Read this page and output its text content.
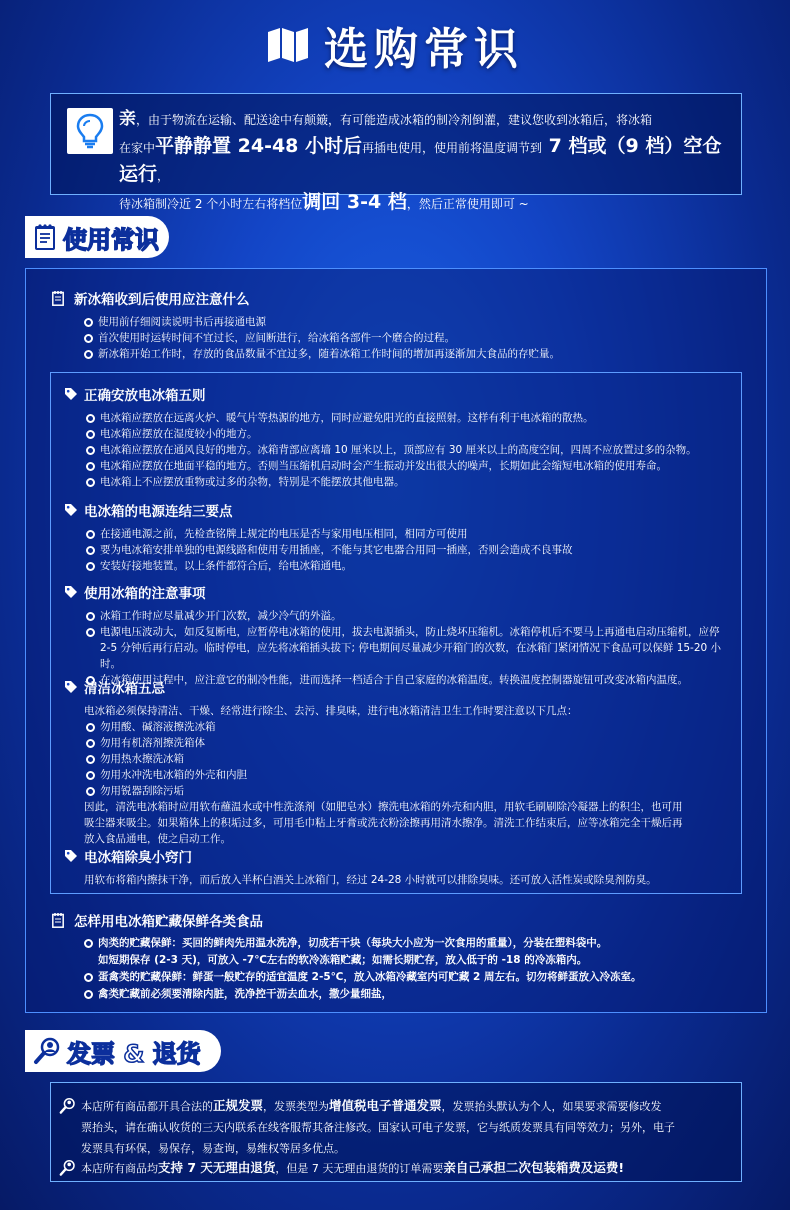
选购常识
亲，由于物流在运输、配送途中有颠簸，有可能造成冰箱的制冷剂倒灌，建议您收到冰箱后，将冰箱
在家中平静静置 24-48 小时后再插电使用，使用前将温度调节到 7 档或（9 档）空仓运行，
待冰箱制冷近 2 个小时左右将档位调回 3-4 档，然后正常使用即可 ~
使用常识
新冰箱收到后使用应注意什么
使用前仔细阅读说明书后再接通电源
首次使用时运转时间不宜过长，应间断进行，给冰箱各部件一个磨合的过程。
新冰箱开始工作时，存放的食品数量不宜过多，随着冰箱工作时间的增加再逐渐加大食品的存贮量。
正确安放电冰箱五则
电冰箱应摆放在远离火炉、暖气片等热源的地方，同时应避免阳光的直接照射。这样有利于电冰箱的散热。
电冰箱应摆放在湿度较小的地方。
电冰箱应摆放在通风良好的地方。冰箱背部应离墙 10 厘米以上，顶部应有 30 厘米以上的高度空间，四周不应放置过多的杂物。
电冰箱应摆放在地面平稳的地方。否则当压缩机启动时会产生振动并发出很大的噪声，长期如此会缩短电冰箱的使用寿命。
电冰箱上不应摆放重物或过多的杂物，特别是不能摆放其他电器。
电冰箱的电源连结三要点
在接通电源之前，先检查铭牌上规定的电压是否与家用电压相同，相同方可使用
要为电冰箱安排单独的电源线路和使用专用插座，不能与其它电器合用同一插座，否则会造成不良事故
安装好接地装置。以上条件都符合后，给电冰箱通电。
使用冰箱的注意事项
冰箱工作时应尽量减少开门次数，减少冷气的外溢。
电源电压波动大，如反复断电，应暂停电冰箱的使用，拔去电源插头，防止烧坏压缩机。冰箱停机后不要马上再通电启动压缩机，应停
2-5 分钟后再行启动。临时停电，应先将冰箱插头拔下; 停电期间尽量减少开箱门的次数，在冰箱门紧闭情况下食品可以保鲜 15-20 小时。
在冰箱使用过程中，应注意它的制冷性能，进而选择一档适合于自己家庭的冰箱温度。转换温度控制器旋钮可改变冰箱内温度。
清洁冰箱五忌
电冰箱必须保持清洁、干燥、经常进行除尘、去污、排臭味，进行电冰箱清洁卫生工作时要注意以下几点：
勿用酸、碱溶液擦洗冰箱
勿用有机溶剂擦洗箱体
勿用热水擦洗冰箱
勿用水冲洗电冰箱的外壳和内胆
勿用锐器刮除污垢
因此，清洗电冰箱时应用软布蘸温水或中性洗涤剂（如肥皂水）擦洗电冰箱的外壳和内胆，用软毛刷刷除冷凝器上的积尘，也可用
吸尘器来吸尘。如果箱体上的积垢过多，可用毛巾粘上牙膏或洗衣粉涂擦再用清水擦净。清洗工作结束后，应等冰箱完全干燥后再
放入食品通电，使之启动工作。
电冰箱除臭小窍门
用软布将箱内擦抹干净，而后放入半杯白酒关上冰箱门，经过 24-28 小时就可以排除臭味。还可放入活性炭或除臭剂防臭。
怎样用电冰箱贮藏保鲜各类食品
肉类的贮藏保鲜：买回的鲜肉先用温水洗净，切成若干块（每块大小应为一次食用的重量），分装在塑料袋中。
如短期保存 (2-3 天)，可放入 -7℃左右的软冷冻箱贮藏；如需长期贮存，放入低于的 -18 的冷冻箱内。
蛋禽类的贮藏保鲜：鲜蛋一般贮存的适宜温度 2-5℃，放入冰箱冷藏室内可贮藏 2 周左右。切勿将鲜蛋放入冷冻室。
禽类贮藏前必须要清除内脏，洗净控干沥去血水，撒少量细盐，
发票 & 退货
本店所有商品都开具合法的正规发票，发票类型为增值税电子普通发票，发票抬头默认为个人，如果要求需要修改发
票抬头，请在确认收货的三天内联系在线客服帮其备注修改。国家认可电子发票，它与纸质发票具有同等效力；另外，电子
发票具有环保，易保存，易查询，易维权等居多优点。
本店所有商品均支持 7 天无理由退货，但是 7 天无理由退货的订单需要亲自己承担二次包装箱费及运费!
